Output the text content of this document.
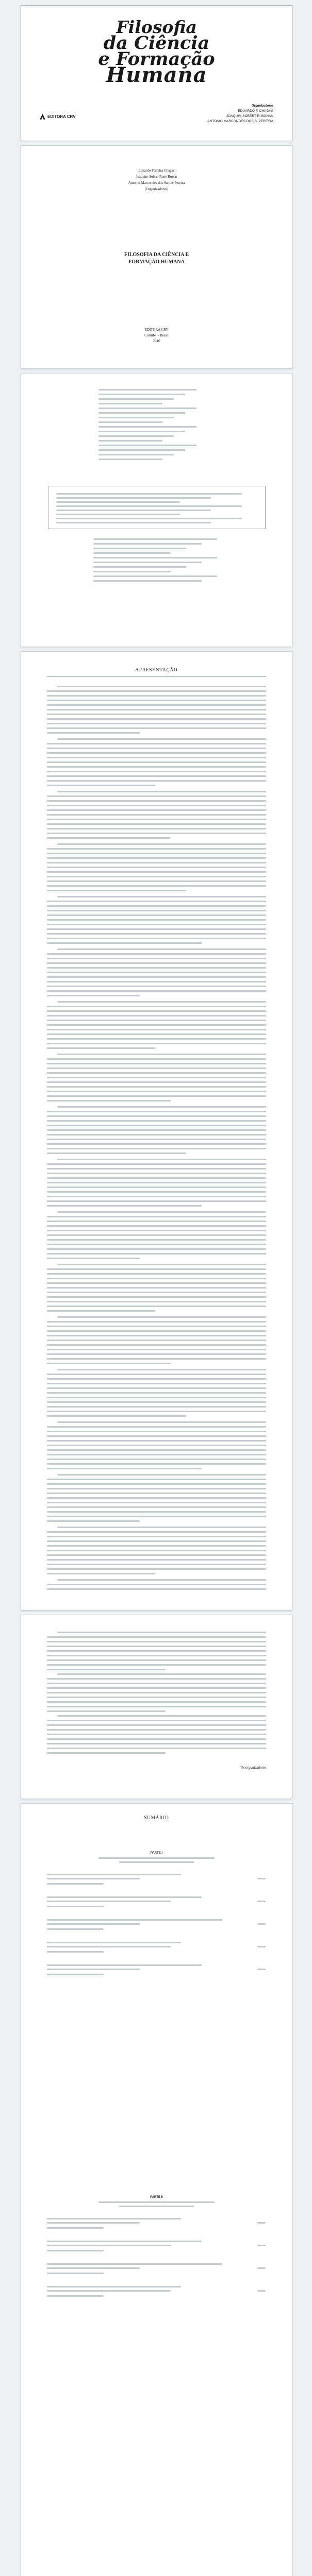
Filosofia
da Ciência
e Formação
Humana
Organizadores
EDUARDO F. CHAGAS
JOAQUIM SOBERT R. BONAN
ANTONIO MARCONDES DOS S. PEREIRA
EDITORA CRV
Eduardo Ferreira Chagas
Joaquim Sobert Rene Bonan
Antonio Marcondes dos Santos Pereira
(Organizadores)
FILOSOFIA DA CIÊNCIA E
FORMAÇÃO HUMANA
EDITORA CRV
Curitiba – Brasil
2016
APRESENTAÇÃO
Os organizadores
SUMÁRIO
PARTE I
PARTE II
